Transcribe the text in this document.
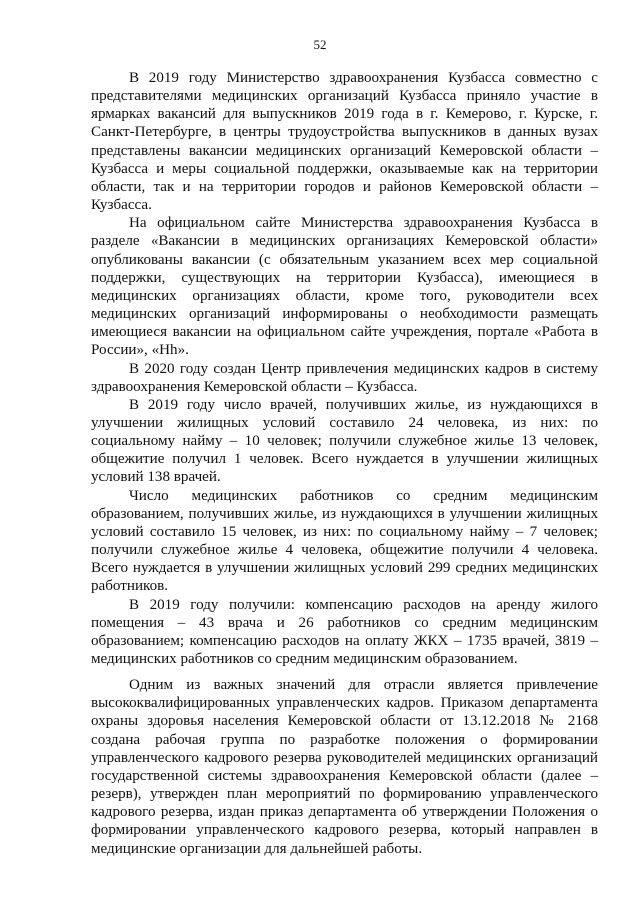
52

В 2019 году Министерство здравоохранения Кузбасса совместно с представителями медицинских организаций Кузбасса приняло участие в ярмарках вакансий для выпускников 2019 года в г. Кемерово, г. Курске, г. Санкт-Петербурге, в центры трудоустройства выпускников в данных вузах представлены вакансии медицинских организаций Кемеровской области – Кузбасса и меры социальной поддержки, оказываемые как на территории области, так и на территории городов и районов Кемеровской области – Кузбасса.

На официальном сайте Министерства здравоохранения Кузбасса в разделе «Вакансии в медицинских организациях Кемеровской области» опубликованы вакансии (с обязательным указанием всех мер социальной поддержки, существующих на территории Кузбасса), имеющиеся в медицинских организациях области, кроме того, руководители всех медицинских организаций информированы о необходимости размещать имеющиеся вакансии на официальном сайте учреждения, портале «Работа в России», «Hh».

В 2020 году создан Центр привлечения медицинских кадров в систему здравоохранения Кемеровской области – Кузбасса.

В 2019 году число врачей, получивших жилье, из нуждающихся в улучшении жилищных условий составило 24 человека, из них: по социальному найму – 10 человек; получили служебное жилье 13 человек, общежитие получил 1 человек. Всего нуждается в улучшении жилищных условий 138 врачей.

Число медицинских работников со средним медицинским образованием, получивших жилье, из нуждающихся в улучшении жилищных условий составило 15 человек, из них: по социальному найму – 7 человек; получили служебное жилье 4 человека, общежитие получили 4 человека. Всего нуждается в улучшении жилищных условий 299 средних медицинских работников.

В 2019 году получили: компенсацию расходов на аренду жилого помещения – 43 врача и 26 работников со средним медицинским образованием; компенсацию расходов на оплату ЖКХ – 1735 врачей, 3819 – медицинских работников со средним медицинским образованием.

Одним из важных значений для отрасли является привлечение высококвалифицированных управленческих кадров. Приказом департамента охраны здоровья населения Кемеровской области от 13.12.2018 № 2168 создана рабочая группа по разработке положения о формировании управленческого кадрового резерва руководителей медицинских организаций государственной системы здравоохранения Кемеровской области (далее – резерв), утвержден план мероприятий по формированию управленческого кадрового резерва, издан приказ департамента об утверждении Положения о формировании управленческого кадрового резерва, который направлен в медицинские организации для дальнейшей работы.
